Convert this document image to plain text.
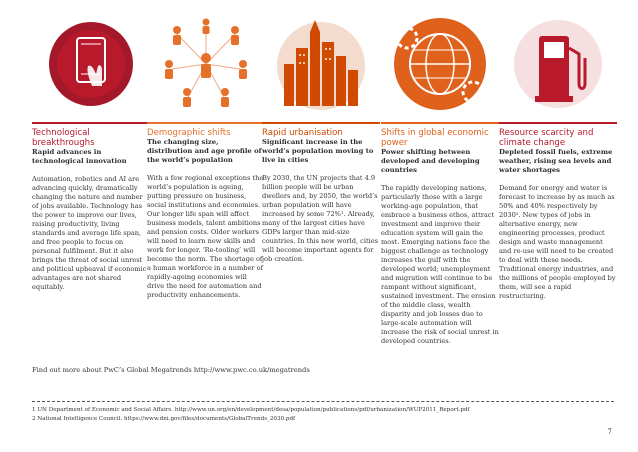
Technological breakthroughs

Rapid advances in technological innovation

Automation, robotics and AI are advancing quickly, dramatically changing the nature and number of jobs available. Technology has the power to improve our lives, raising productivity, living standards and average life span, and free people to focus on personal fulfilment. But it also brings the threat of social unrest and political upheaval if economic advantages are not shared equitably.

Demographic shifts

The changing size, distribution and age profile of the world’s population

With a few regional exceptions the world’s population is ageing, putting pressure on business, social institutions and economies. Our longer life span will affect business models, talent ambitions and pension costs. Older workers will need to learn new skills and work for longer. ‘Re-tooling’ will become the norm. The shortage of a human workforce in a number of rapidly-ageing economies will drive the need for automation and productivity enhancements.

Rapid urbanisation

Significant increase in the world’s population moving to live in cities

By 2030, the UN projects that 4.9 billion people will be urban dwellers and, by 2050, the world’s urban population will have increased by some 72%¹. Already, many of the largest cities have GDPs larger than mid-size countries. In this new world, cities will become important agents for job creation.

Shifts in global economic power

Power shifting between developed and developing countries

The rapidly developing nations, particularly those with a large working-age population, that embrace a business ethos, attract investment and improve their education system will gain the most. Emerging nations face the biggest challenge as technology increases the gulf with the developed world; unemployment and migration will continue to be rampant without significant, sustained investment. The erosion of the middle class, wealth disparity and job losses due to large-scale automation will increase the risk of social unrest in developed countries.

Resource scarcity and climate change

Depleted fossil fuels, extreme weather, rising sea levels and water shortages

Demand for energy and water is forecast to increase by as much as 50% and 40% respectively by 2030². New types of jobs in alternative energy, new engineering processes, product design and waste management and re-use will need to be created to deal with these needs. Traditional energy industries, and the millions of people employed by them, will see a rapid restructuring.

Find out more about PwC’s Global Megatrends http://www.pwc.co.uk/megatrends

1 UN Department of Economic and Social Affairs. http://www.un.org/en/development/desa/population/publications/pdf/urbanization/WUP2011_Report.pdf

2 National Intelligence Council. https://www.dni.gov/files/documents/GlobalTrends_2030.pdf

7
